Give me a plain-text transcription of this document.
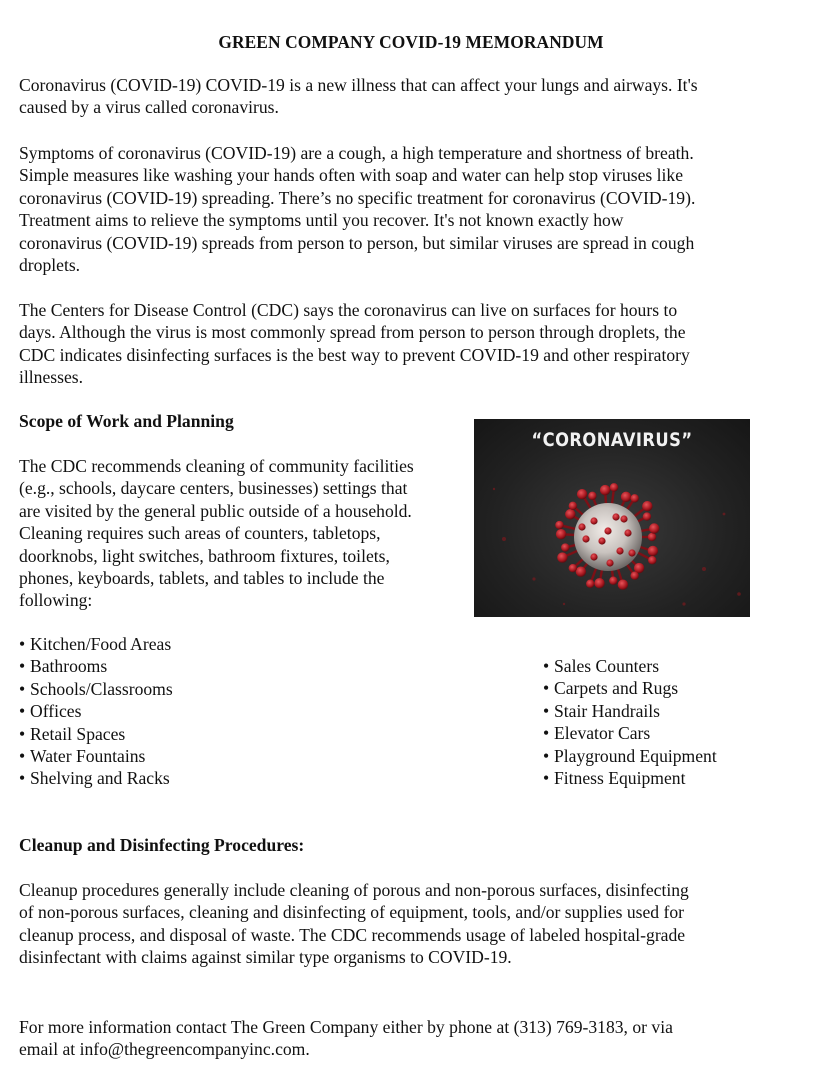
GREEN COMPANY COVID-19 MEMORANDUM

Coronavirus (COVID-19) COVID-19 is a new illness that can affect your lungs and airways. It's

caused by a virus called coronavirus.

Symptoms of coronavirus (COVID-19) are a cough, a high temperature and shortness of breath.

Simple measures like washing your hands often with soap and water can help stop viruses like

coronavirus (COVID-19) spreading. There’s no specific treatment for coronavirus (COVID-19).

Treatment aims to relieve the symptoms until you recover. It's not known exactly how

coronavirus (COVID-19) spreads from person to person, but similar viruses are spread in cough

droplets.

The Centers for Disease Control (CDC) says the coronavirus can live on surfaces for hours to

days. Although the virus is most commonly spread from person to person through droplets, the

CDC indicates disinfecting surfaces is the best way to prevent COVID-19 and other respiratory

illnesses.

Scope of Work and Planning

The CDC recommends cleaning of community facilities

(e.g., schools, daycare centers, businesses) settings that

are visited by the general public outside of a household.

Cleaning requires such areas of counters, tabletops,

doorknobs, light switches, bathroom fixtures, toilets,

phones, keyboards, tablets, and tables to include the

following:

“CORONAVIRUS”
• Kitchen/Food Areas
• Bathrooms
• Schools/Classrooms
• Offices
• Retail Spaces
• Water Fountains
• Shelving and Racks
• Sales Counters
• Carpets and Rugs
• Stair Handrails
• Elevator Cars
• Playground Equipment
• Fitness Equipment
Cleanup and Disinfecting Procedures:

Cleanup procedures generally include cleaning of porous and non-porous surfaces, disinfecting

of non-porous surfaces, cleaning and disinfecting of equipment, tools, and/or supplies used for

cleanup process, and disposal of waste. The CDC recommends usage of labeled hospital-grade

disinfectant with claims against similar type organisms to COVID-19.

For more information contact The Green Company either by phone at (313) 769-3183, or via

email at info@thegreencompanyinc.com.
